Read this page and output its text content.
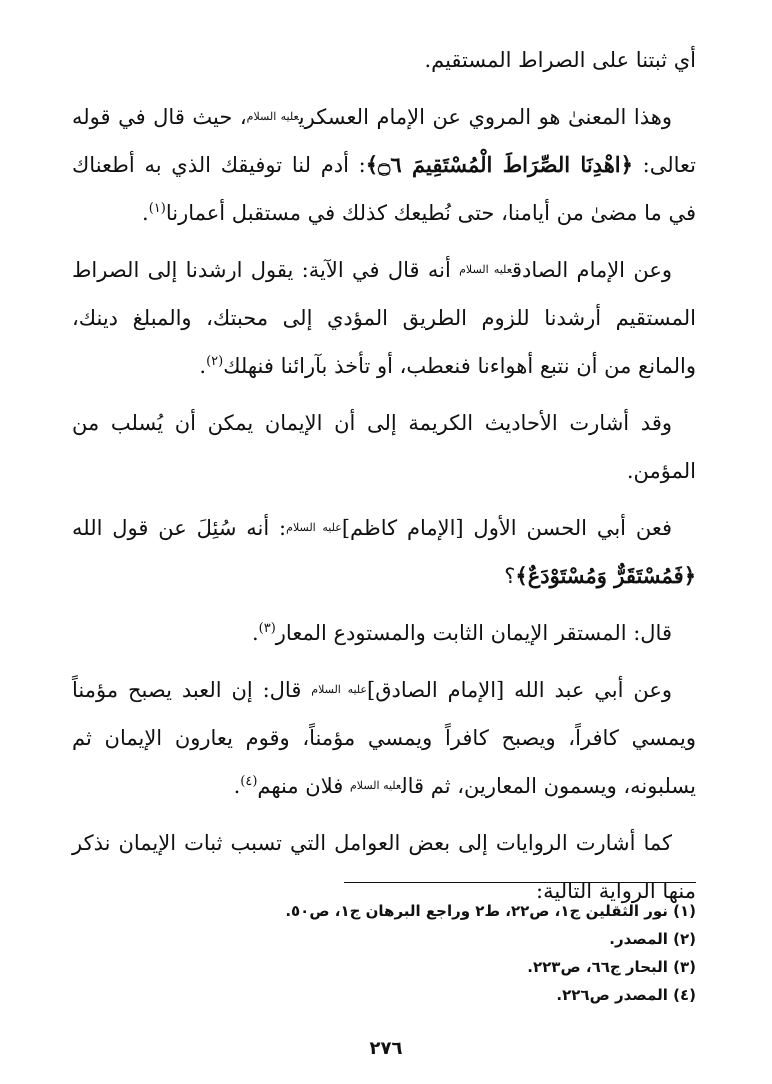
أي ثبتنا على الصراط المستقيم.

وهذا المعنىٰ هو المروي عن الإمام العسكريعليه السلام، حيث قال في قوله تعالى: ﴿اهْدِنَا الصِّرَاطَ الْمُسْتَقِيمَ ۝٦﴾: أدم لنا توفيقك الذي به أطعناك في ما مضىٰ من أيامنا، حتى نُطيعك كذلك في مستقبل أعمارنا$^{(١)}$.

وعن الإمام الصادقعليه السلام أنه قال في الآية: يقول ارشدنا إلى الصراط المستقيم أرشدنا للزوم الطريق المؤدي إلى محبتك، والمبلغ دينك، والمانع من أن نتبع أهواءنا فنعطب، أو تأخذ بآرائنا فنهلك$^{(٢)}$.

وقد أشارت الأحاديث الكريمة إلى أن الإيمان يمكن أن يُسلب من المؤمن.

فعن أبي الحسن الأول [الإمام كاظم]عليه السلام: أنه سُئِلَ عن قول الله ﴿فَمُسْتَقَرٌّ وَمُسْتَوْدَعٌ﴾؟

قال: المستقر الإيمان الثابت والمستودع المعار$^{(٣)}$.

وعن أبي عبد الله [الإمام الصادق]عليه السلام قال: إن العبد يصبح مؤمناً ويمسي كافراً، ويصبح كافراً ويمسي مؤمناً، وقوم يعارون الإيمان ثم يسلبونه، ويسمون المعارين، ثم قالعليه السلام فلان منهم$^{(٤)}$.

كما أشارت الروايات إلى بعض العوامل التي تسبب ثبات الإيمان نذكر منها الرواية التالية:

(١) نور الثقلين ج١، ص٢٢، ط٢ وراجع البرهان ج١، ص٥٠.

(٢) المصدر.

(٣) البحار ج٦٦، ص٢٢٣.

(٤) المصدر ص٢٢٦.

٢٧٦
